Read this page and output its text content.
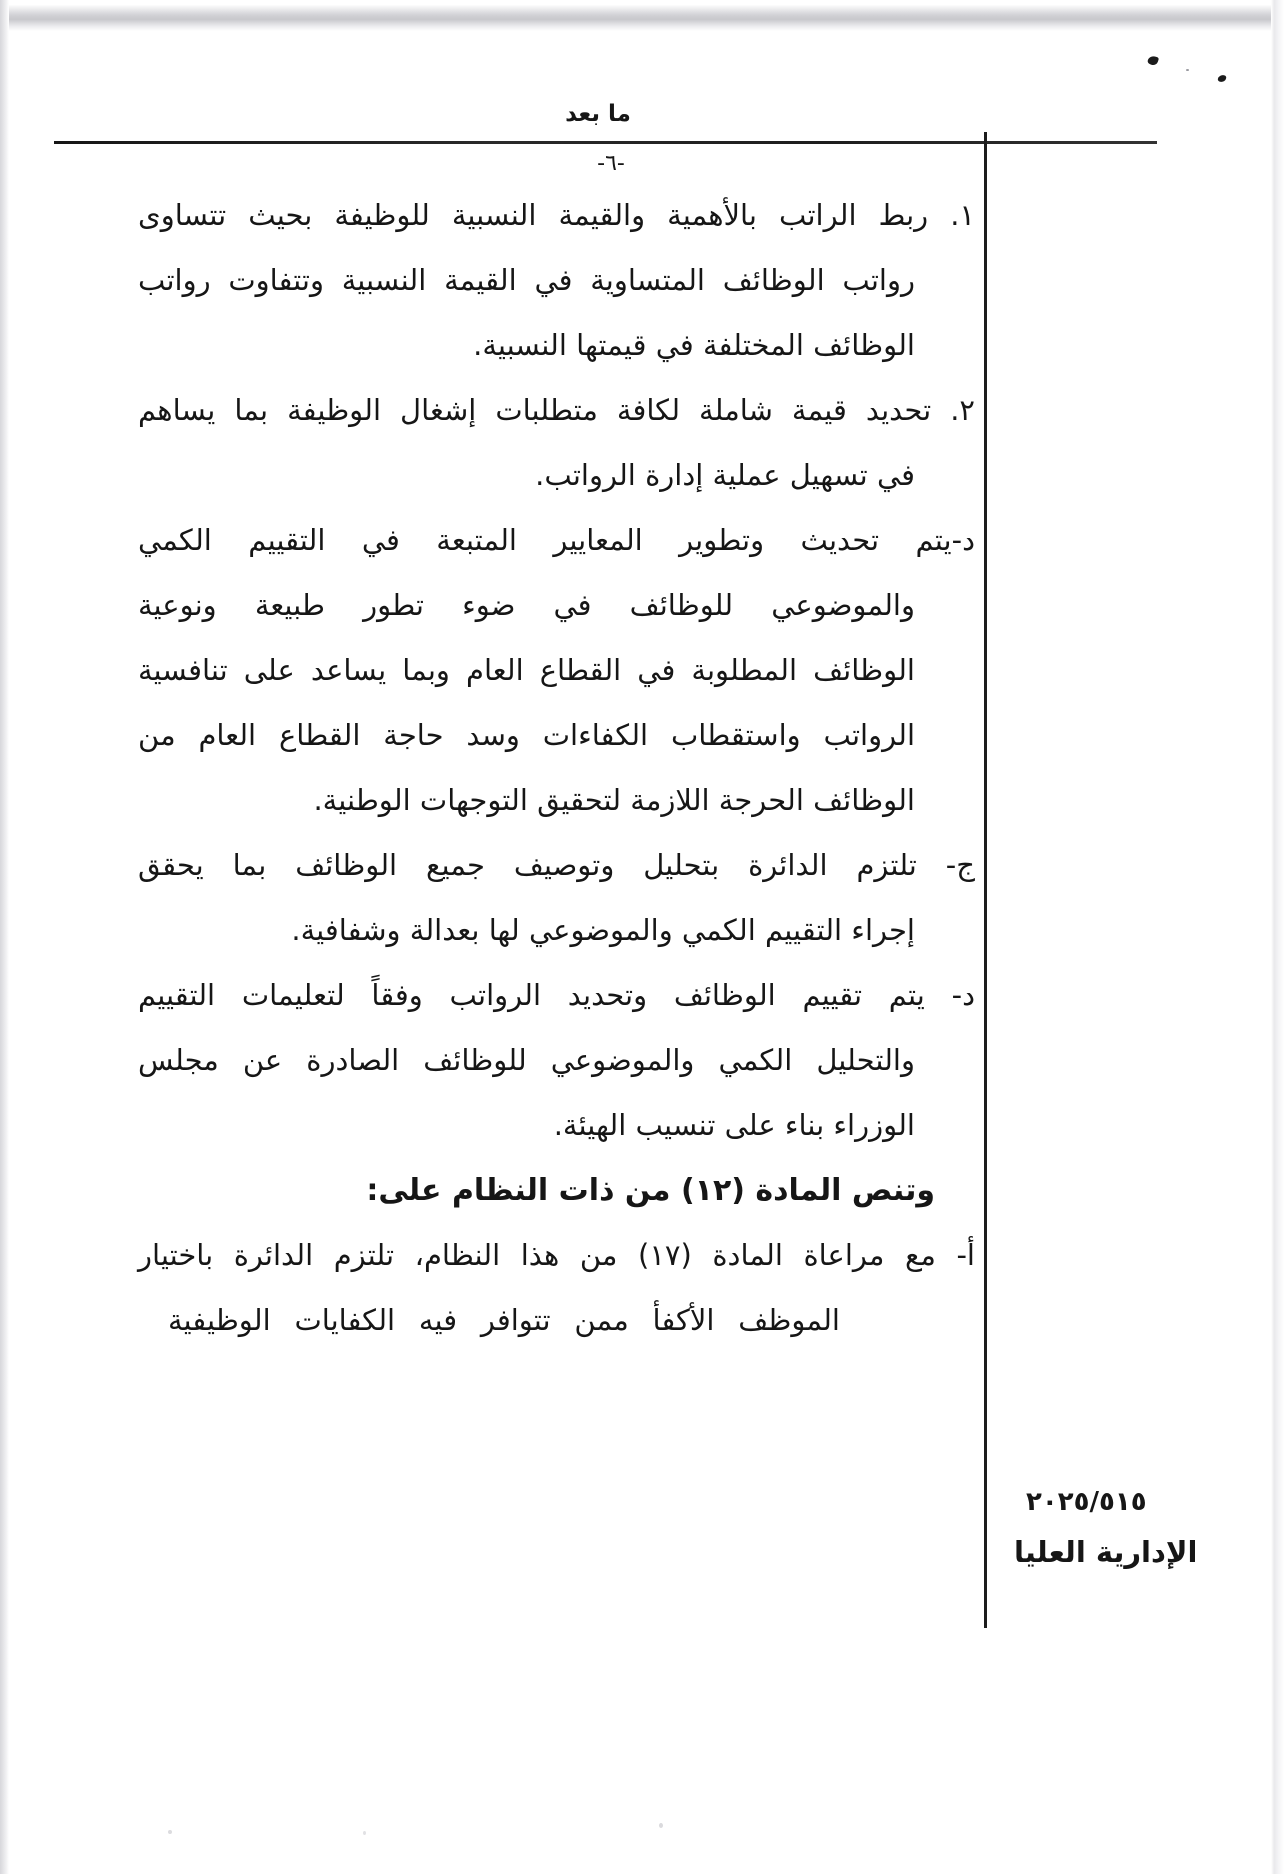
ما بعد
-٦-
١. ربط الراتب بالأهمية والقيمة النسبية للوظيفة بحيث تتساوى
رواتب الوظائف المتساوية في القيمة النسبية وتتفاوت رواتب
الوظائف المختلفة في قيمتها النسبية.
٢. تحديد قيمة شاملة لكافة متطلبات إشغال الوظيفة بما يساهم
في تسهيل عملية إدارة الرواتب.
د-يتم تحديث وتطوير المعايير المتبعة في التقييم الكمي
والموضوعي للوظائف في ضوء تطور طبيعة ونوعية
الوظائف المطلوبة في القطاع العام وبما يساعد على تنافسية
الرواتب واستقطاب الكفاءات وسد حاجة القطاع العام من
الوظائف الحرجة اللازمة لتحقيق التوجهات الوطنية.
ج- تلتزم الدائرة بتحليل وتوصيف جميع الوظائف بما يحقق
إجراء التقييم الكمي والموضوعي لها بعدالة وشفافية.
د- يتم تقييم الوظائف وتحديد الرواتب وفقاً لتعليمات التقييم
والتحليل الكمي والموضوعي للوظائف الصادرة عن مجلس
الوزراء بناء على تنسيب الهيئة.
وتنص المادة (١٢) من ذات النظام على:
أ- مع مراعاة المادة (١٧) من هذا النظام، تلتزم الدائرة باختيار
الموظف الأكفأ ممن تتوافر فيه الكفايات الوظيفية
٢٠٢٥/٥١٥
الإدارية العليا
